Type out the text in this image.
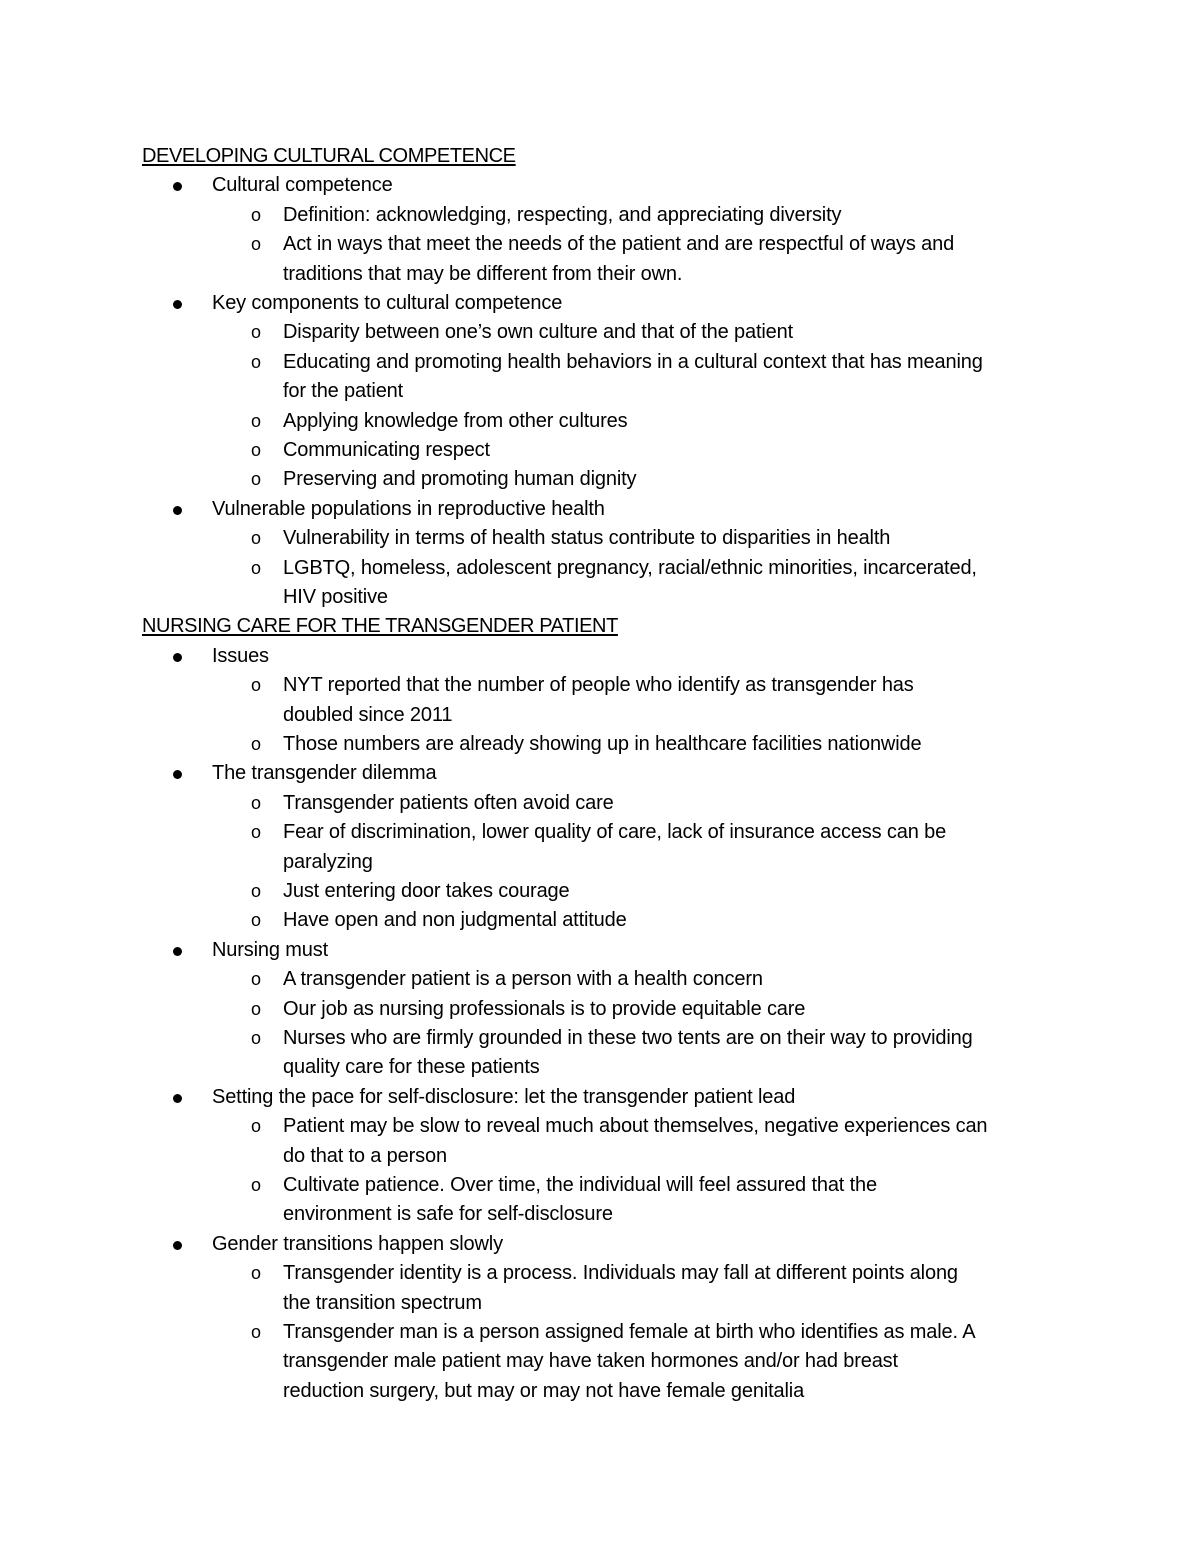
DEVELOPING CULTURAL COMPETENCE
Cultural competence
o Definition: acknowledging, respecting, and appreciating diversity
o Act in ways that meet the needs of the patient and are respectful of ways and
traditions that may be different from their own.
Key components to cultural competence
o Disparity between one’s own culture and that of the patient
o Educating and promoting health behaviors in a cultural context that has meaning
for the patient
o Applying knowledge from other cultures
o Communicating respect
o Preserving and promoting human dignity
Vulnerable populations in reproductive health
o Vulnerability in terms of health status contribute to disparities in health
o LGBTQ, homeless, adolescent pregnancy, racial/ethnic minorities, incarcerated,
HIV positive
NURSING CARE FOR THE TRANSGENDER PATIENT
Issues
o NYT reported that the number of people who identify as transgender has
doubled since 2011
o Those numbers are already showing up in healthcare facilities nationwide
The transgender dilemma
o Transgender patients often avoid care
o Fear of discrimination, lower quality of care, lack of insurance access can be
paralyzing
o Just entering door takes courage
o Have open and non judgmental attitude
Nursing must
o A transgender patient is a person with a health concern
o Our job as nursing professionals is to provide equitable care
o Nurses who are firmly grounded in these two tents are on their way to providing
quality care for these patients
Setting the pace for self-disclosure: let the transgender patient lead
o Patient may be slow to reveal much about themselves, negative experiences can
do that to a person
o Cultivate patience. Over time, the individual will feel assured that the
environment is safe for self-disclosure
Gender transitions happen slowly
o Transgender identity is a process. Individuals may fall at different points along
the transition spectrum
o Transgender man is a person assigned female at birth who identifies as male. A
transgender male patient may have taken hormones and/or had breast
reduction surgery, but may or may not have female genitalia
